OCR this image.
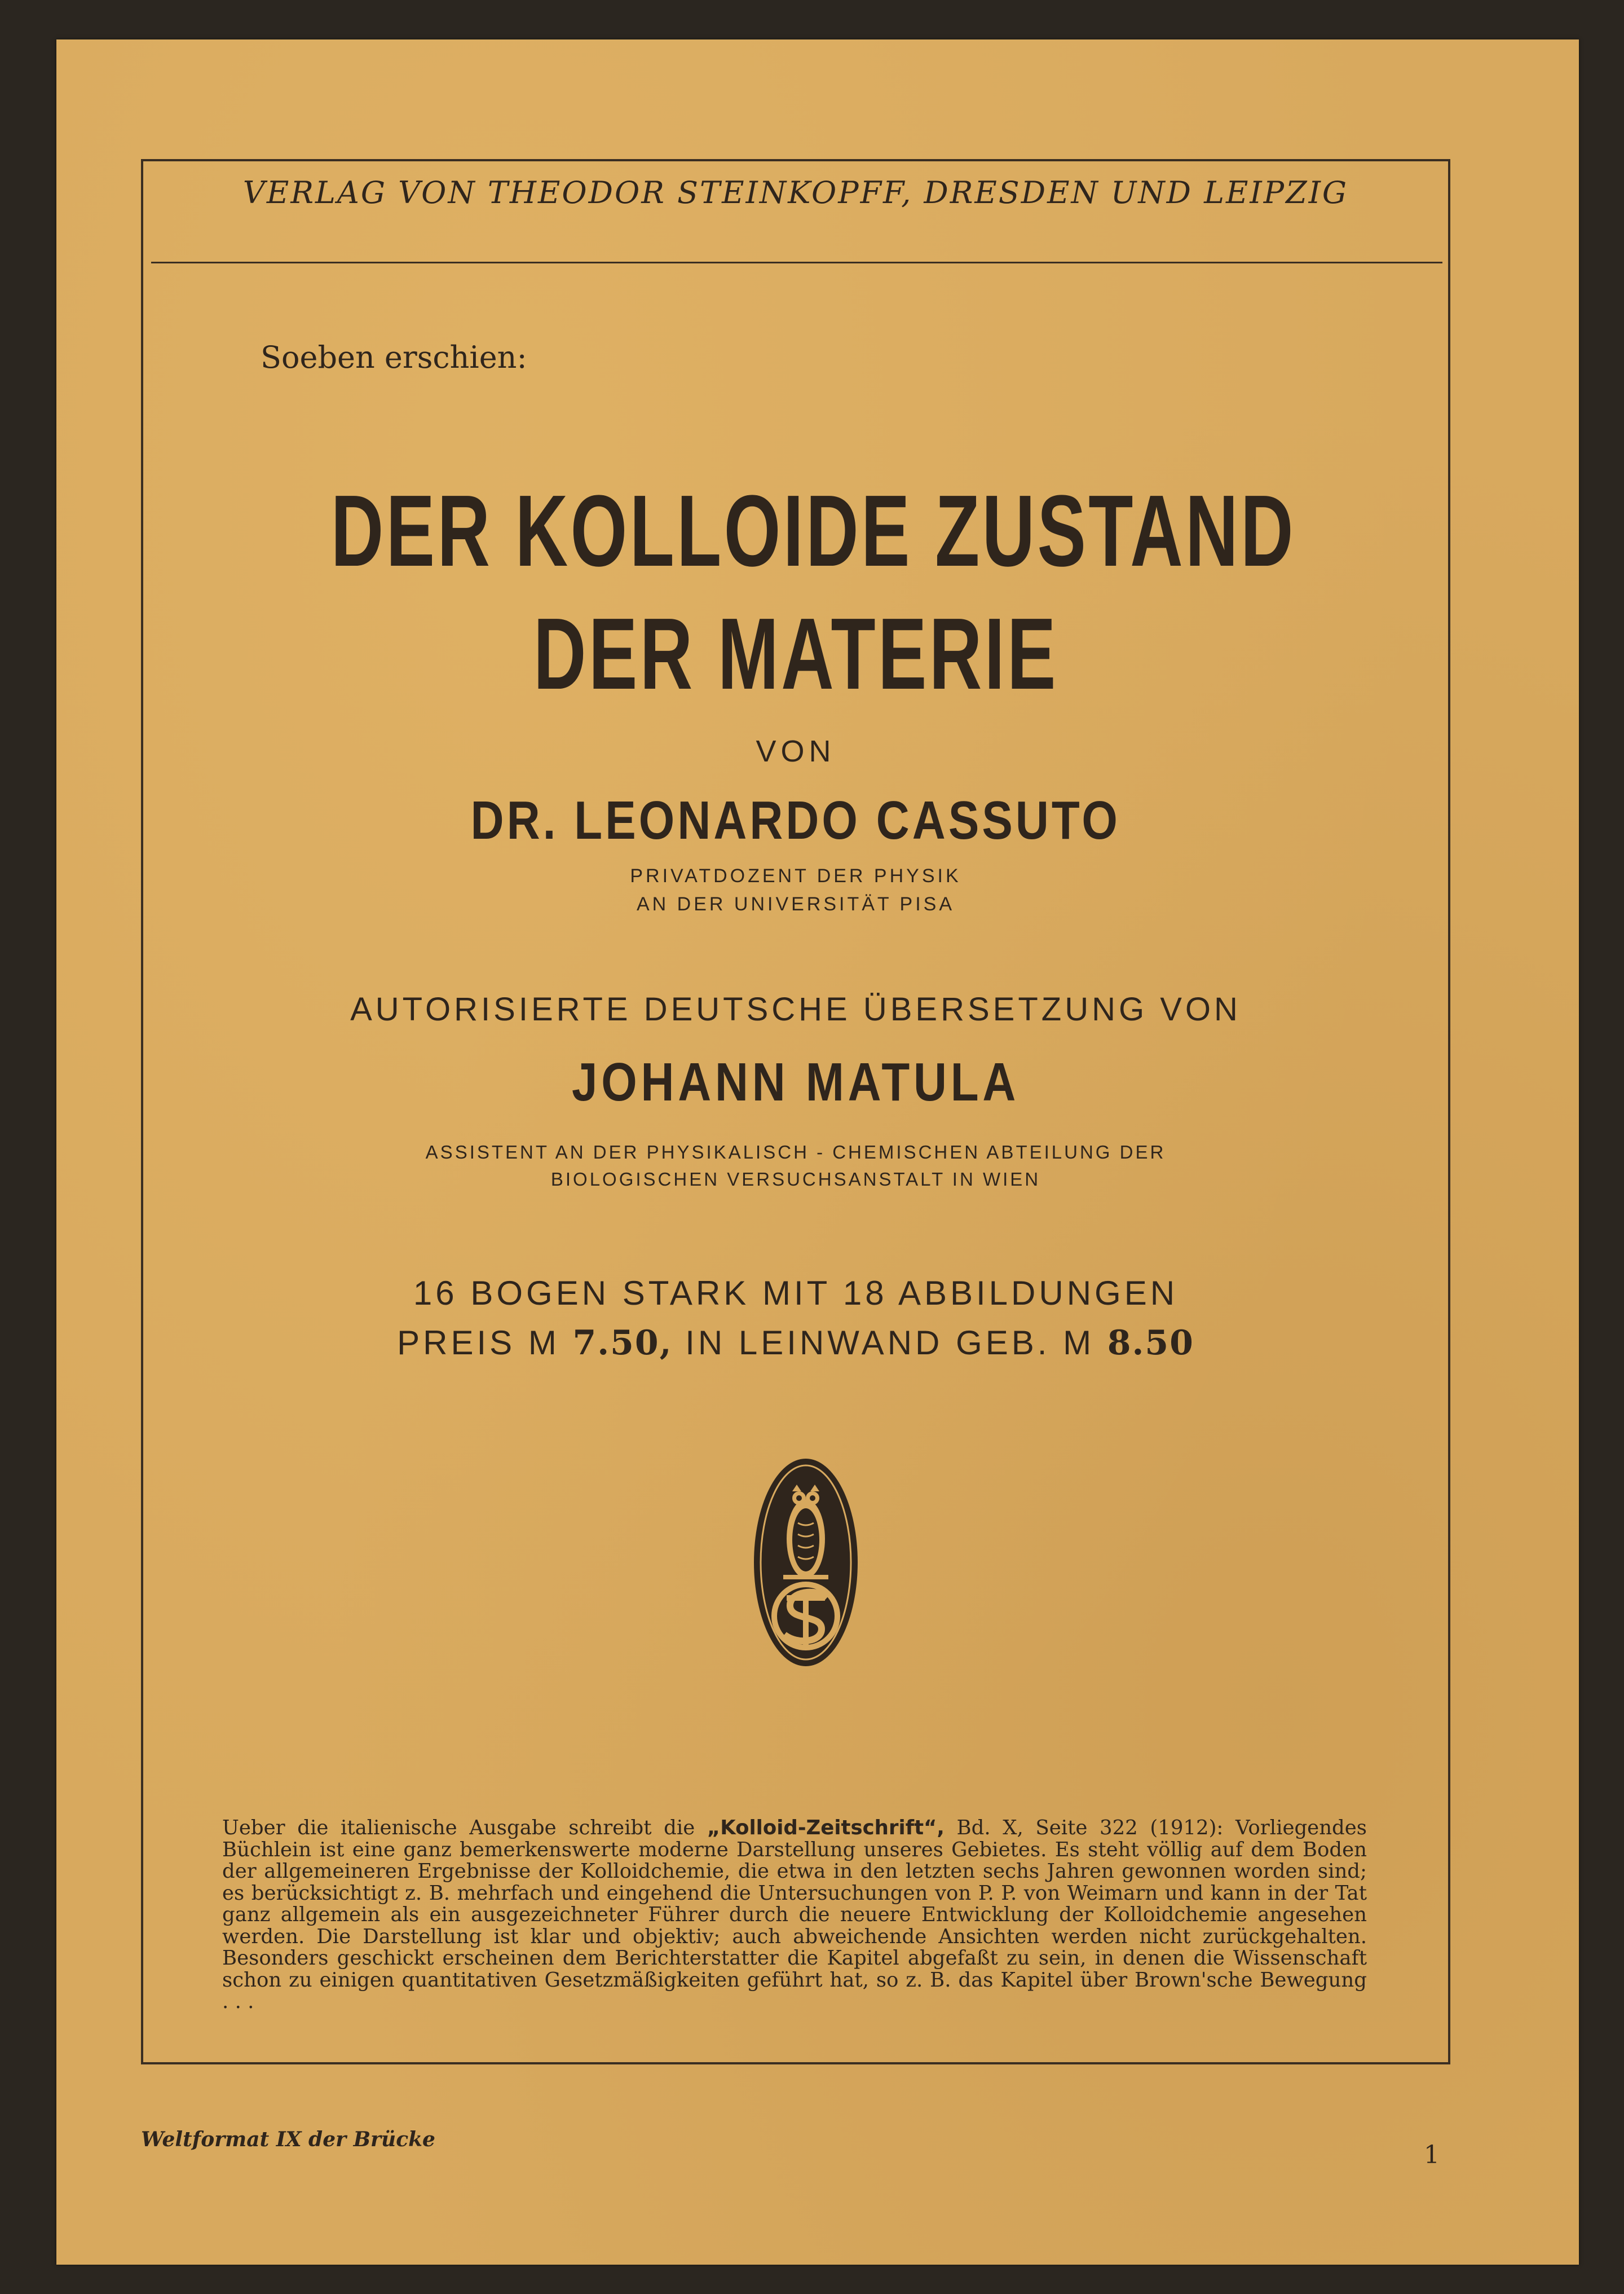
VERLAG VON THEODOR STEINKOPFF, DRESDEN UND LEIPZIG
Soeben erschien:
DER KOLLOIDE ZUSTAND
DER MATERIE
VON
DR. LEONARDO CASSUTO
PRIVATDOZENT DER PHYSIK
AN DER UNIVERSITÄT PISA
AUTORISIERTE DEUTSCHE ÜBERSETZUNG VON
JOHANN MATULA
ASSISTENT AN DER PHYSIKALISCH - CHEMISCHEN ABTEILUNG DER
BIOLOGISCHEN VERSUCHSANSTALT IN WIEN
16 BOGEN STARK MIT 18 ABBILDUNGEN
PREIS M 7.50, IN LEINWAND GEB. M 8.50
Ueber die italienische Ausgabe schreibt die „Kolloid-Zeitschrift“, Bd. X, Seite 322 (1912): Vorliegendes Büchlein ist eine ganz bemerkenswerte moderne Darstellung unseres Gebietes. Es steht völlig auf dem Boden der allgemeineren Ergebnisse der Kolloidchemie, die etwa in den letzten sechs Jahren gewonnen worden sind; es berücksichtigt z. B. mehrfach und eingehend die Untersuchungen von P. P. von Weimarn und kann in der Tat ganz allgemein als ein ausgezeichneter Führer durch die neuere Entwicklung der Kolloidchemie angesehen werden. Die Darstellung ist klar und objektiv; auch abweichende Ansichten werden nicht zurückgehalten. Besonders geschickt erscheinen dem Berichterstatter die Kapitel abgefaßt zu sein, in denen die Wissenschaft schon zu einigen quantitativen Gesetzmäßigkeiten geführt hat, so z. B. das Kapitel über Brown'sche Bewegung . . .
Weltformat IX der Brücke
1
